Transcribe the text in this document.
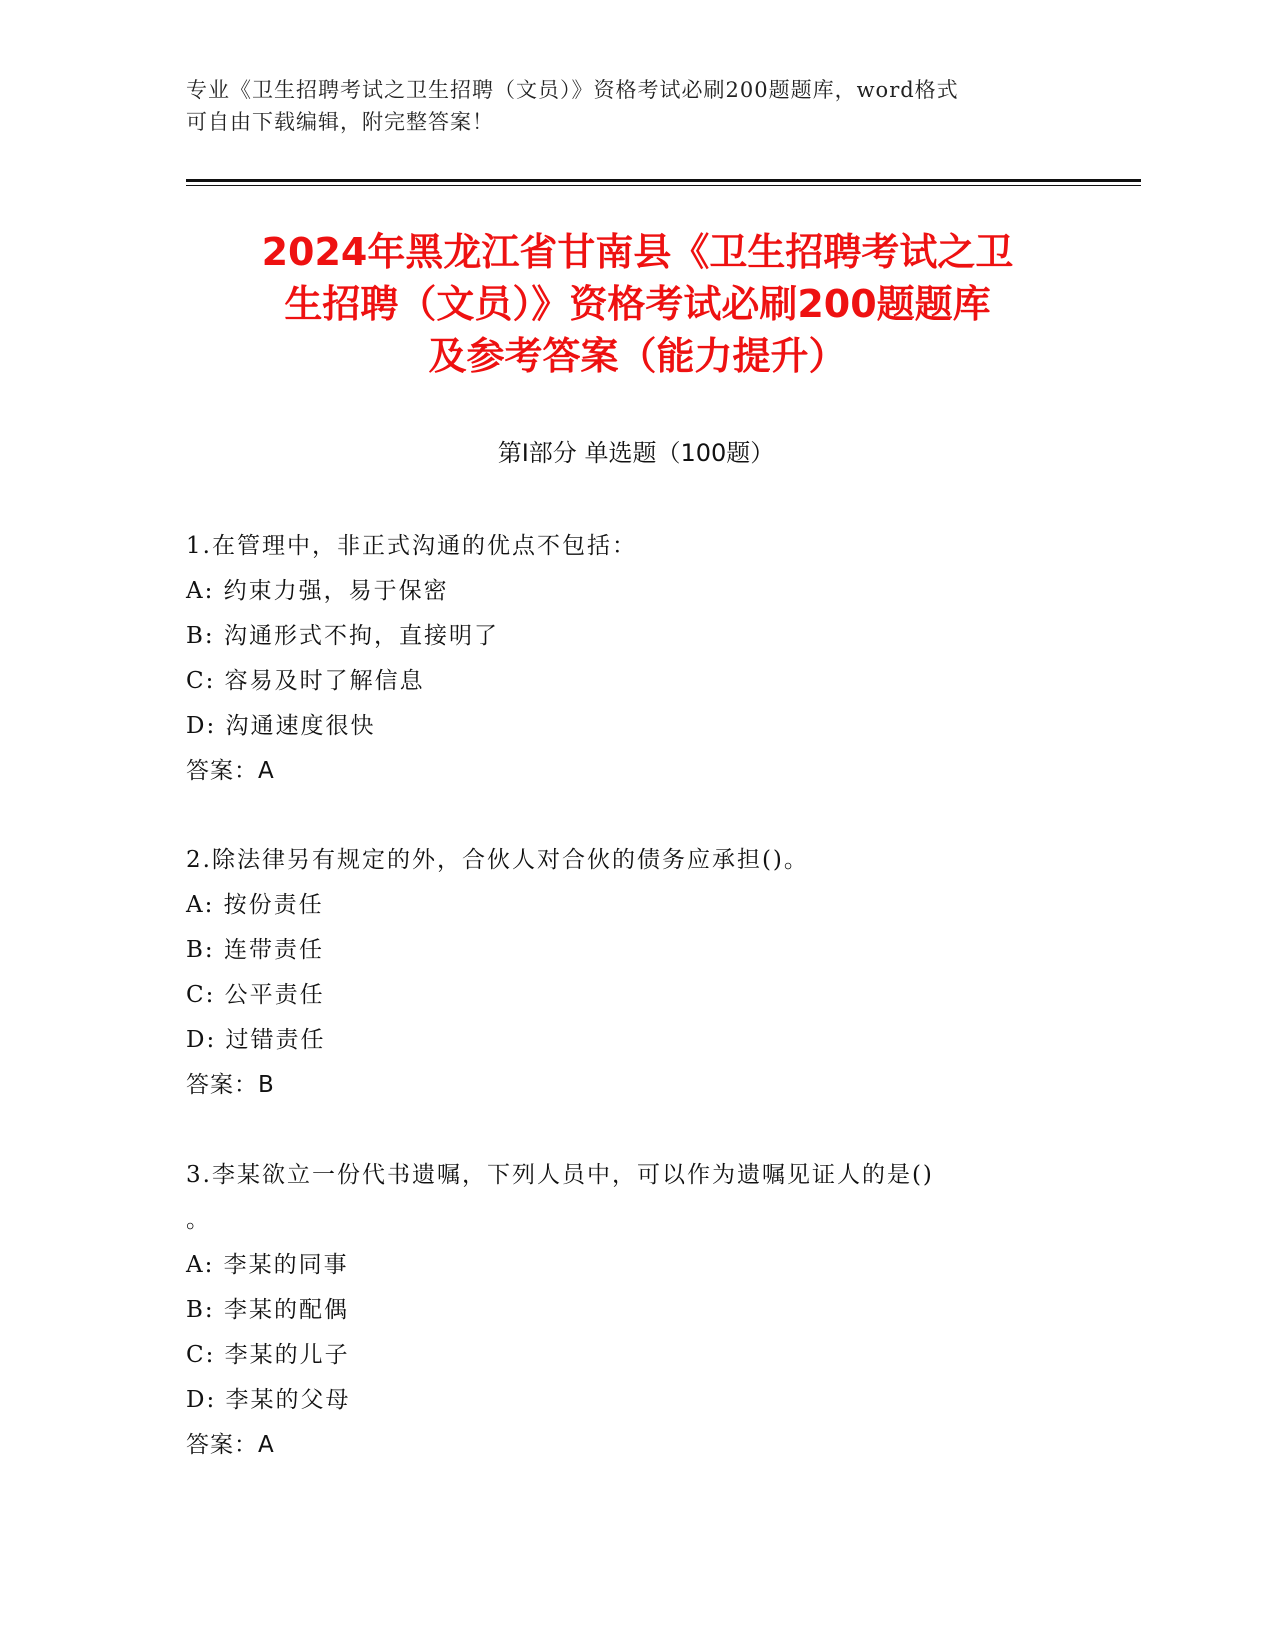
专业《卫生招聘考试之卫生招聘（文员）》资格考试必刷200题题库，word格式
可自由下载编辑，附完整答案！
2024年黑龙江省甘南县《卫生招聘考试之卫
生招聘（文员）》资格考试必刷200题题库
及参考答案（能力提升）
第I部分 单选题（100题）
1.在管理中，非正式沟通的优点不包括：
A: 约束力强，易于保密
B: 沟通形式不拘，直接明了
C: 容易及时了解信息
D: 沟通速度很快
答案：A
2.除法律另有规定的外，合伙人对合伙的债务应承担()。
A: 按份责任
B: 连带责任
C: 公平责任
D: 过错责任
答案：B
3.李某欲立一份代书遗嘱，下列人员中，可以作为遗嘱见证人的是()
。
A: 李某的同事
B: 李某的配偶
C: 李某的儿子
D: 李某的父母
答案：A
